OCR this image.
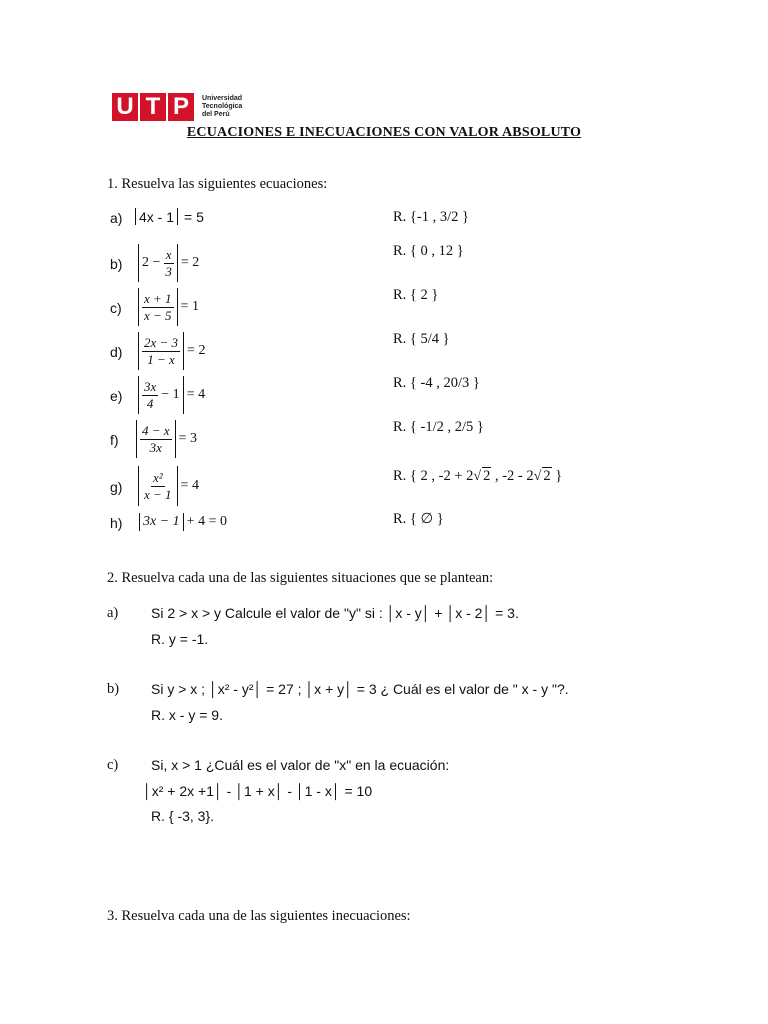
U T P	Universidad
Tecnológica
del Perú
ECUACIONES E INECUACIONES CON VALOR ABSOLUTO
1. Resuelva las siguientes ecuaciones:
a) 4x - 1 = 5	R. {-1 , 3/2 }
b) $2 - \frac{x}{3} = 2$
R. { 0 , 12 }
$c) \frac{x + 1}{x - 5} = 1$
R. { 2 }
$d) \frac{2x - 3}{1 - x} = 2$
R. { 5/4 }
$e) \frac{3x}{4} - 1 = 4$
R. { -4 , 20/3 }
$f) \frac{4 - x}{3x} = 3$
R. { -1/2 , 2/5 }
$g) \frac{\text{x²}}{x - 1} = 4$
R. { 2 , -2 + 2√ 2 , -2 - 2√ 2 }
h) 3x − 1 + 4 = 0	R. { ∅ }
2. Resuelva cada una de las siguientes situaciones que se plantean:
a) Si 2 > x > y Calcule el valor de "y" si : │x - y│ + │x - 2│ = 3.
R. y = -1.
b) Si y > x ; │x² - y²│ = 27 ; │x + y│ = 3 ¿ Cuál es el valor de " x - y "?.
R. x - y = 9.
c) Si, x > 1 ¿Cuál es el valor de "x" en la ecuación:
│x² + 2x +1│ - │1 + x│ - │1 - x│ = 10
R. { -3, 3}.
3. Resuelva cada una de las siguientes inecuaciones:
